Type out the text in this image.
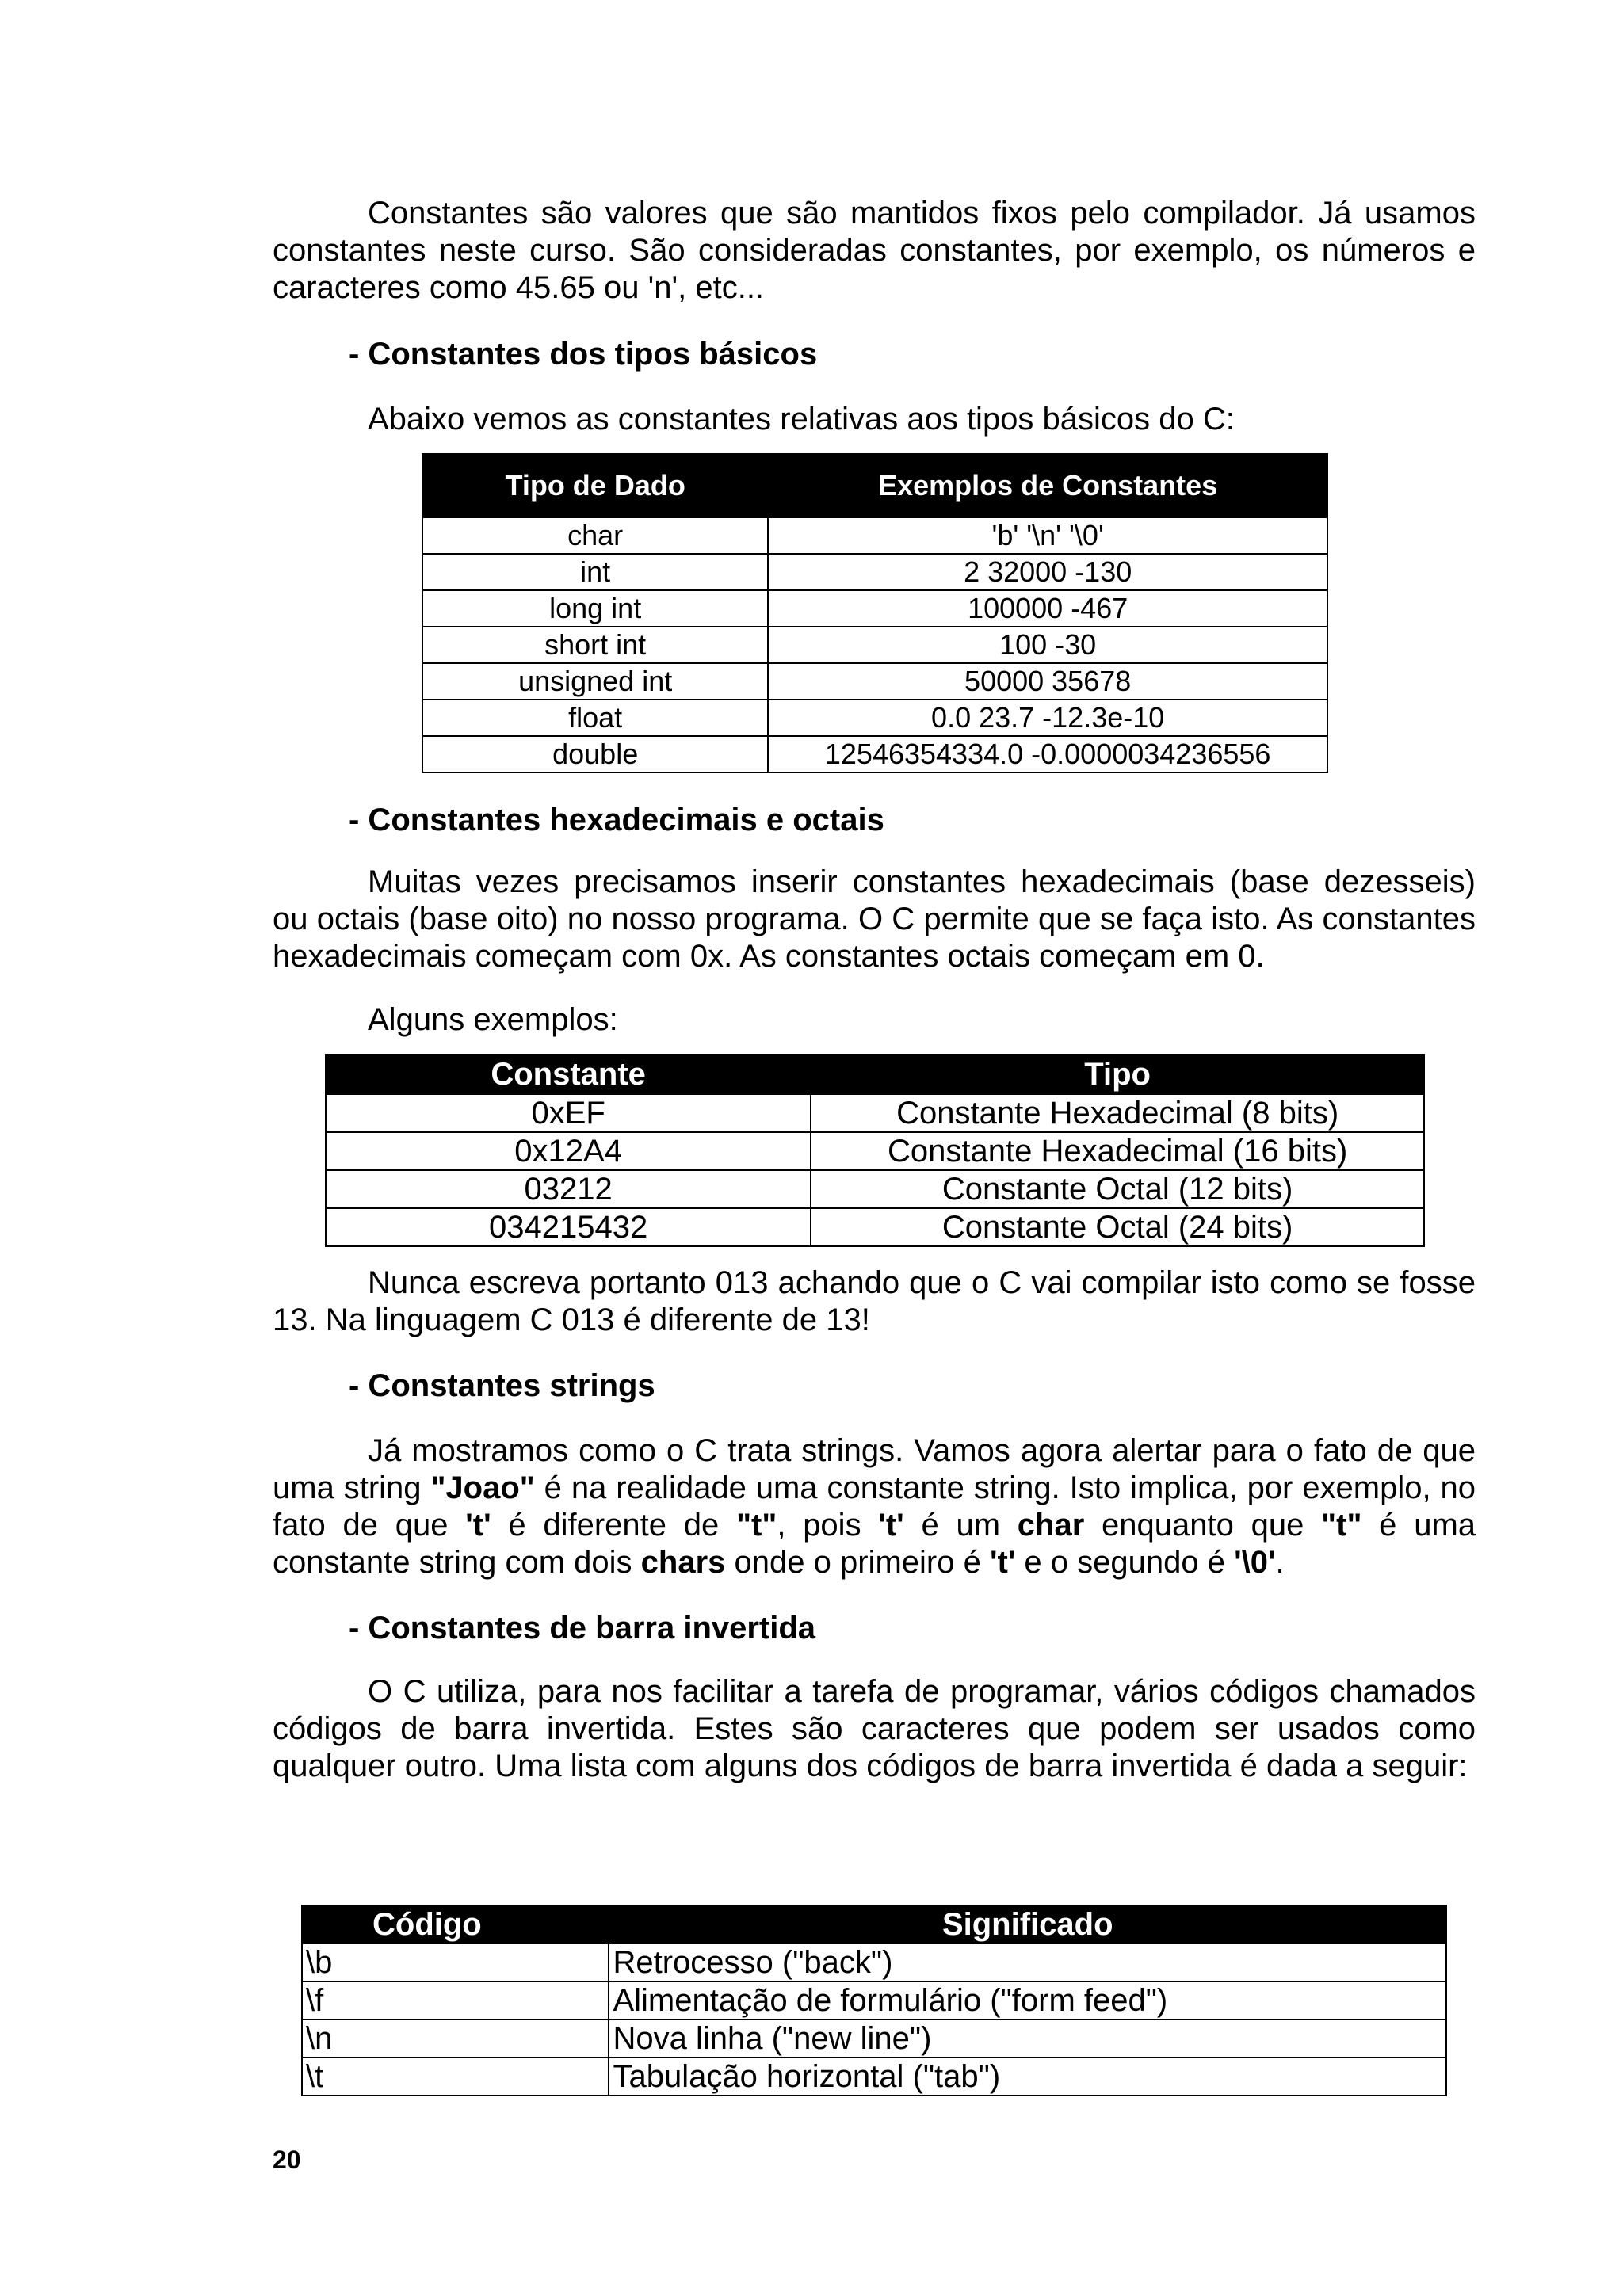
Constantes são valores que são mantidos fixos pelo compilador. Já usamos constantes neste curso. São consideradas constantes, por exemplo, os números e caracteres como 45.65 ou 'n', etc...

- Constantes dos tipos básicos

Abaixo vemos as constantes relativas aos tipos básicos do C:

Tipo de Dado	Exemplos de Constantes
char	'b' '\n' '\0'
int	2 32000 -130
long int	100000 -467
short int	100 -30
unsigned int	50000 35678
float	0.0 23.7 -12.3e-10
double	12546354334.0 -0.0000034236556

- Constantes hexadecimais e octais

Muitas vezes precisamos inserir constantes hexadecimais (base dezesseis) ou octais (base oito) no nosso programa. O C permite que se faça isto. As constantes hexadecimais começam com 0x. As constantes octais começam em 0.

Alguns exemplos:

Constante	Tipo
0xEF	Constante Hexadecimal (8 bits)
0x12A4	Constante Hexadecimal (16 bits)
03212	Constante Octal (12 bits)
034215432	Constante Octal (24 bits)

Nunca escreva portanto 013 achando que o C vai compilar isto como se fosse 13. Na linguagem C 013 é diferente de 13!

- Constantes strings

Já mostramos como o C trata strings. Vamos agora alertar para o fato de que uma string "Joao" é na realidade uma constante string. Isto implica, por exemplo, no fato de que 't' é diferente de "t", pois 't' é um char enquanto que "t" é uma constante string com dois chars onde o primeiro é 't' e o segundo é '\0'.

- Constantes de barra invertida

O C utiliza, para nos facilitar a tarefa de programar, vários códigos chamados códigos de barra invertida. Estes são caracteres que podem ser usados como qualquer outro. Uma lista com alguns dos códigos de barra invertida é dada a seguir:

Código	Significado
\b	Retrocesso ("back")
\f	Alimentação de formulário ("form feed")
\n	Nova linha ("new line")
\t	Tabulação horizontal ("tab")
20
